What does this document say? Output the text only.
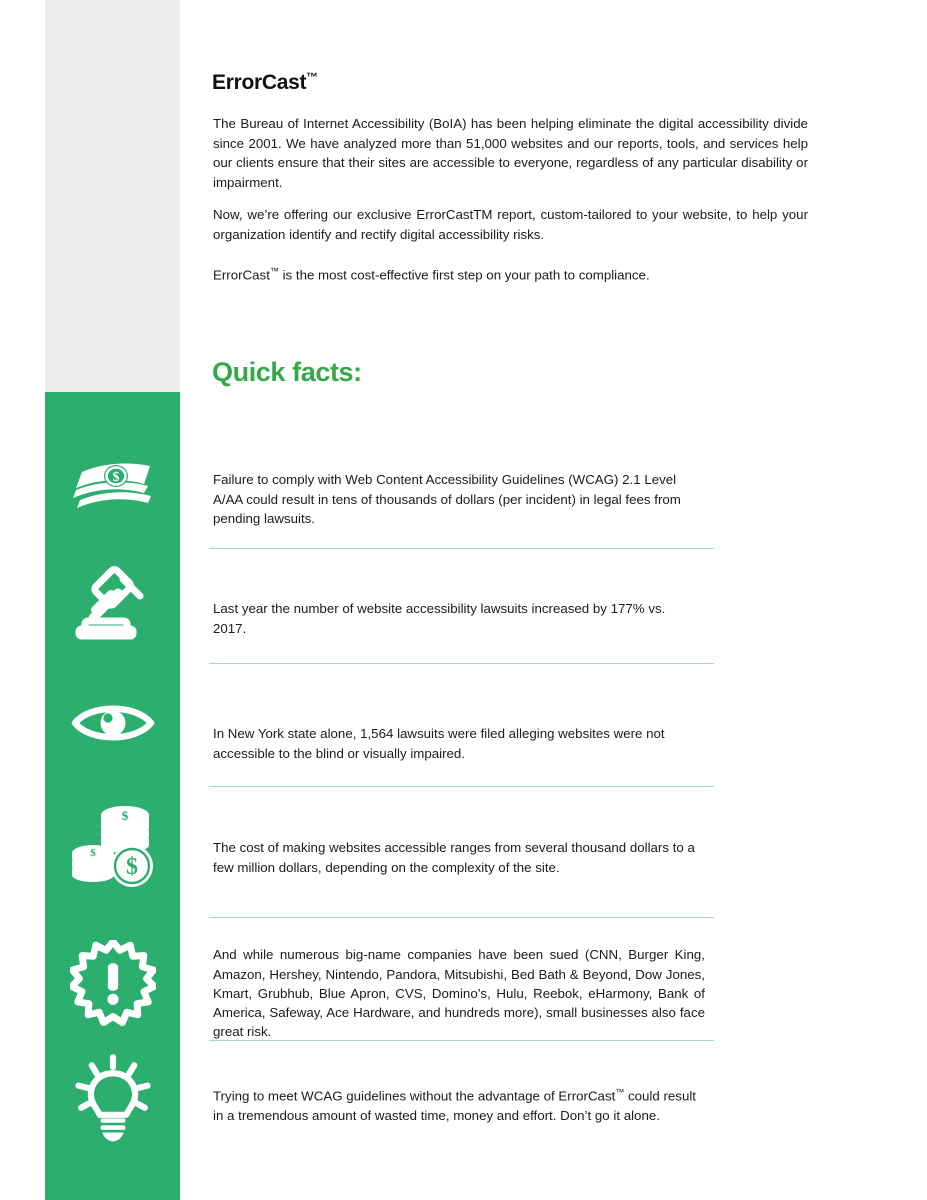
$
$
$
$
ErrorCast™

The Bureau of Internet Accessibility (BoIA) has been helping eliminate the digital accessibility divide since 2001. We have analyzed more than 51,000 websites and our reports, tools, and services help our clients ensure that their sites are accessible to everyone, regardless of any particular disability or impairment.

Now, we’re offering our exclusive ErrorCastTM report, custom-tailored to your website, to help your organization identify and rectify digital accessibility risks.

ErrorCast™ is the most cost-effective first step on your path to compliance.

Quick facts:

Failure to comply with Web Content Accessibility Guidelines (WCAG) 2.1 Level A/AA could result in tens of thousands of dollars (per incident) in legal fees from pending lawsuits.

Last year the number of website accessibility lawsuits increased by 177% vs. 2017.

In New York state alone, 1,564 lawsuits were filed alleging websites were not accessible to the blind or visually impaired.

The cost of making websites accessible ranges from several thousand dollars to a few million dollars, depending on the complexity of the site.

And while numerous big-name companies have been sued (CNN, Burger King, Amazon, Hershey, Nintendo, Pandora, Mitsubishi, Bed Bath & Beyond, Dow Jones, Kmart, Grubhub, Blue Apron, CVS, Domino’s, Hulu, Reebok, eHarmony, Bank of America, Safeway, Ace Hardware, and hundreds more), small businesses also face great risk.

Trying to meet WCAG guidelines without the advantage of ErrorCast™ could result in a tremendous amount of wasted time, money and effort. Don’t go it alone.
